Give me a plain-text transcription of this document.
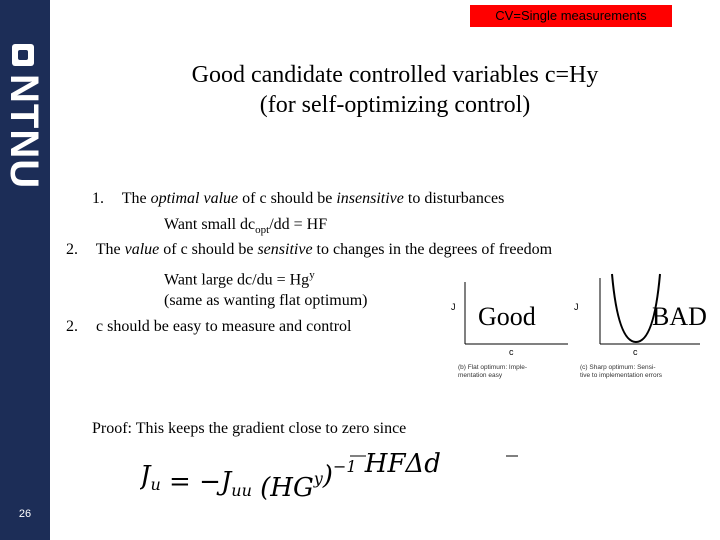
NTNU
26
CV=Single measurements
Good candidate controlled variables c=Hy
(for self-optimizing control)
1. The optimal value of c should be insensitive to disturbances
Want small $dc_{opt}/dd$ = HF
2. The value of c should be sensitive to changes in the degrees of freedom
Want large $dc/du = Hg^y$
(same as wanting flat optimum)
2. c should be easy to measure and control
J
c
(b) Flat optimum: Imple-
mentation easy
J
c
(c) Sharp optimum: Sensi-
tive to implementation errors
Good	BAD
Proof: This keeps the gradient close to zero since
$J_u = -J_{uu}$ $(HG^y)^{-1}$ HFΔd
